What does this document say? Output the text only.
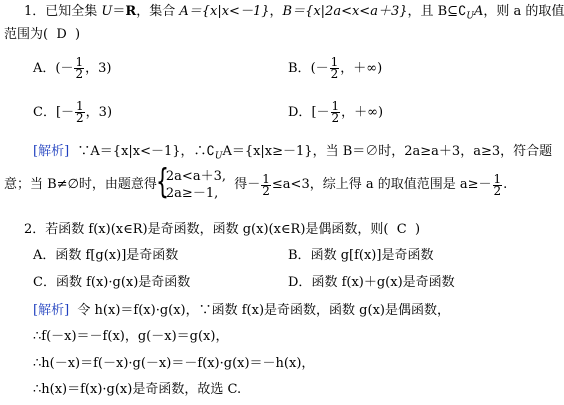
1．已知全集 U＝R，集合 A＝{x|x<－1}，B＝{x|2a<x<a＋3}，且 $B⊆∁_UA$，则 a 的取值
范围为( D )
A．(－ $\frac{1}{2}$ ，3)	B．(－ $\frac{1}{2}$ ，＋∞)
C．[－ $\frac{1}{2}$ ，3)	D．[－ $\frac{1}{2}$ ，＋∞)
[解析] ∵A＝{x|x<－1}，$\therefore∁_UA=\{x|x\ge-1\}$，当 B＝∅时，2a≥a＋3，a≥3，符合题
意；当 B≠∅时，由题意得 {
2a<a＋3,
2a≥－1,
得－ $\frac{1}{2} \le a<3$，综上得 a 的取值范围是 $a\ge- \frac{1}{2}$ .
2．若函数 f(x)(x∈R)是奇函数，函数 g(x)(x∈R)是偶函数，则( C )
A．函数 f[g(x)]是奇函数	B．函数 g[f(x)]是奇函数
C．函数 f(x)·g(x)是奇函数	D．函数 f(x)＋g(x)是奇函数
[解析] 令 h(x)＝f(x)·g(x)，∵函数 f(x)是奇函数，函数 g(x)是偶函数，
∴f(－x)＝－f(x)，g(－x)＝g(x)，
∴h(－x)＝f(－x)·g(－x)＝－f(x)·g(x)＝－h(x)，
∴h(x)＝f(x)·g(x)是奇函数，故选 C.
